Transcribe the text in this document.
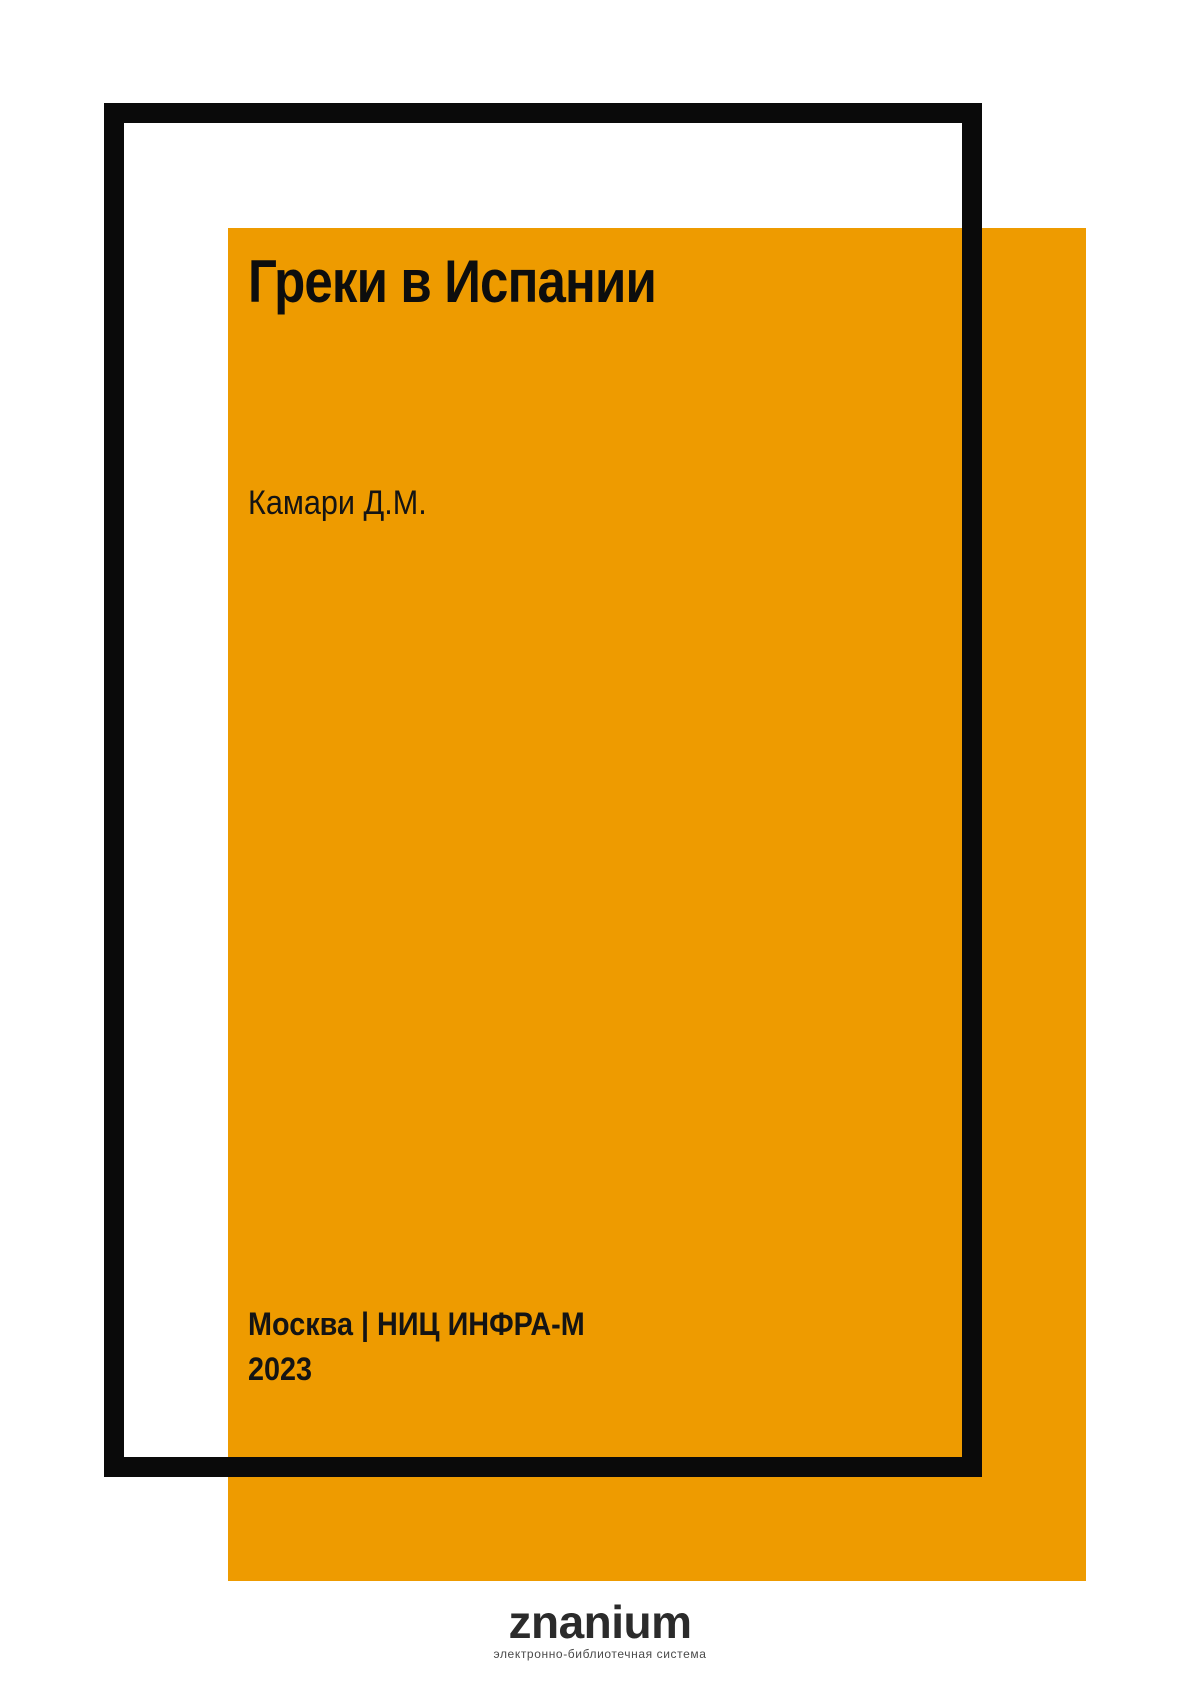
Греки в Испании
Камари Д.М.
Москва | НИЦ ИНФРА-М
2023
znanium
электронно-библиотечная система
